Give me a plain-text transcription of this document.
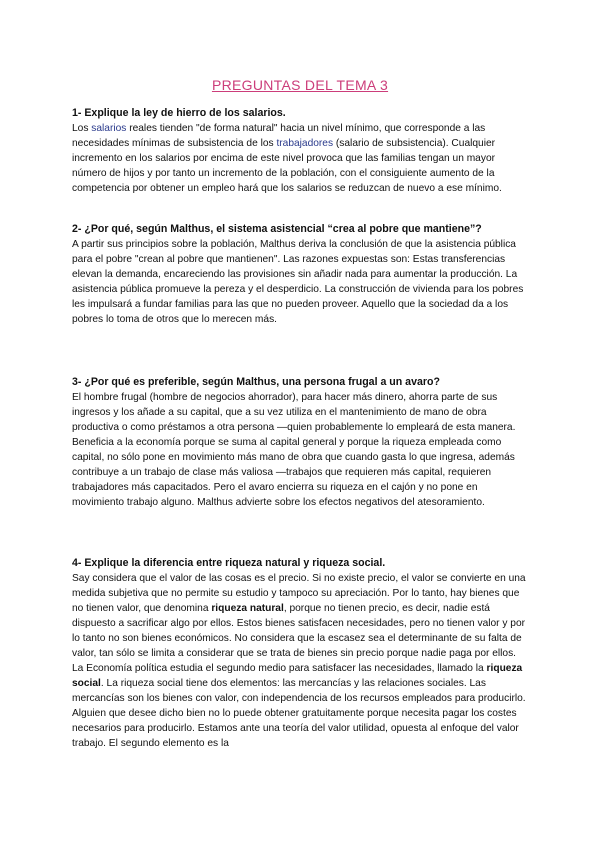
PREGUNTAS DEL TEMA 3
1- Explique la ley de hierro de los salarios.

Los salarios reales tienden "de forma natural" hacia un nivel mínimo, que corresponde a las necesidades mínimas de subsistencia de los trabajadores (salario de subsistencia). Cualquier incremento en los salarios por encima de este nivel provoca que las familias tengan un mayor número de hijos y por tanto un incremento de la población, con el consiguiente aumento de la competencia por obtener un empleo hará que los salarios se reduzcan de nuevo a ese mínimo.

2- ¿Por qué, según Malthus, el sistema asistencial “crea al pobre que mantiene”?

A partir sus principios sobre la población, Malthus deriva la conclusión de que la asistencia pública para el pobre "crean al pobre que mantienen". Las razones expuestas son: Estas transferencias elevan la demanda, encareciendo las provisiones sin añadir nada para aumentar la producción. La asistencia pública promueve la pereza y el desperdicio. La construcción de vivienda para los pobres les impulsará a fundar familias para las que no pueden proveer. Aquello que la sociedad da a los pobres lo toma de otros que lo merecen más.

3- ¿Por qué es preferible, según Malthus, una persona frugal a un avaro?

El hombre frugal (hombre de negocios ahorrador), para hacer más dinero, ahorra parte de sus ingresos y los añade a su capital, que a su vez utiliza en el mantenimiento de mano de obra productiva o como préstamos a otra persona —quien probablemente lo empleará de esta manera. Beneficia a la economía porque se suma al capital general y porque la riqueza empleada como capital, no sólo pone en movimiento más mano de obra que cuando gasta lo que ingresa, además contribuye a un trabajo de clase más valiosa —trabajos que requieren más capital, requieren trabajadores más capacitados. Pero el avaro encierra su riqueza en el cajón y no pone en movimiento trabajo alguno. Malthus advierte sobre los efectos negativos del atesoramiento.

4- Explique la diferencia entre riqueza natural y riqueza social.

Say considera que el valor de las cosas es el precio. Si no existe precio, el valor se convierte en una medida subjetiva que no permite su estudio y tampoco su apreciación. Por lo tanto, hay bienes que no tienen valor, que denomina riqueza natural, porque no tienen precio, es decir, nadie está dispuesto a sacrificar algo por ellos. Estos bienes satisfacen necesidades, pero no tienen valor y por lo tanto no son bienes económicos. No considera que la escasez sea el determinante de su falta de valor, tan sólo se limita a considerar que se trata de bienes sin precio porque nadie paga por ellos.

La Economía política estudia el segundo medio para satisfacer las necesidades, llamado la riqueza social. La riqueza social tiene dos elementos: las mercancías y las relaciones sociales. Las mercancías son los bienes con valor, con independencia de los recursos empleados para producirlo. Alguien que desee dicho bien no lo puede obtener gratuitamente porque necesita pagar los costes necesarios para producirlo. Estamos ante una teoría del valor utilidad, opuesta al enfoque del valor trabajo. El segundo elemento es la
